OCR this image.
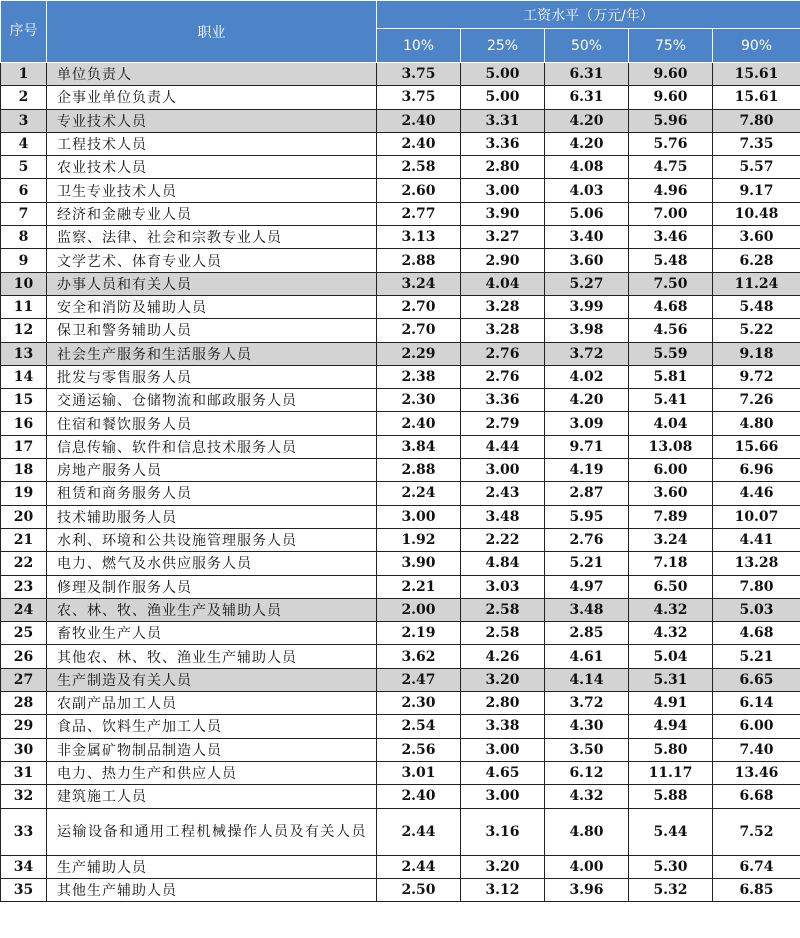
序号	职业	工资水平（万元/年）				
		10%	25%	50%	75%	90%
1	单位负责人	3.75	5.00	6.31	9.60	15.61
2	企事业单位负责人	3.75	5.00	6.31	9.60	15.61
3	专业技术人员	2.40	3.31	4.20	5.96	7.80
4	工程技术人员	2.40	3.36	4.20	5.76	7.35
5	农业技术人员	2.58	2.80	4.08	4.75	5.57
6	卫生专业技术人员	2.60	3.00	4.03	4.96	9.17
7	经济和金融专业人员	2.77	3.90	5.06	7.00	10.48
8	监察、法律、社会和宗教专业人员	3.13	3.27	3.40	3.46	3.60
9	文学艺术、体育专业人员	2.88	2.90	3.60	5.48	6.28
10	办事人员和有关人员	3.24	4.04	5.27	7.50	11.24
11	安全和消防及辅助人员	2.70	3.28	3.99	4.68	5.48
12	保卫和警务辅助人员	2.70	3.28	3.98	4.56	5.22
13	社会生产服务和生活服务人员	2.29	2.76	3.72	5.59	9.18
14	批发与零售服务人员	2.38	2.76	4.02	5.81	9.72
15	交通运输、仓储物流和邮政服务人员	2.30	3.36	4.20	5.41	7.26
16	住宿和餐饮服务人员	2.40	2.79	3.09	4.04	4.80
17	信息传输、软件和信息技术服务人员	3.84	4.44	9.71	13.08	15.66
18	房地产服务人员	2.88	3.00	4.19	6.00	6.96
19	租赁和商务服务人员	2.24	2.43	2.87	3.60	4.46
20	技术辅助服务人员	3.00	3.48	5.95	7.89	10.07
21	水利、环境和公共设施管理服务人员	1.92	2.22	2.76	3.24	4.41
22	电力、燃气及水供应服务人员	3.90	4.84	5.21	7.18	13.28
23	修理及制作服务人员	2.21	3.03	4.97	6.50	7.80
24	农、林、牧、渔业生产及辅助人员	2.00	2.58	3.48	4.32	5.03
25	畜牧业生产人员	2.19	2.58	2.85	4.32	4.68
26	其他农、林、牧、渔业生产辅助人员	3.62	4.26	4.61	5.04	5.21
27	生产制造及有关人员	2.47	3.20	4.14	5.31	6.65
28	农副产品加工人员	2.30	2.80	3.72	4.91	6.14
29	食品、饮料生产加工人员	2.54	3.38	4.30	4.94	6.00
30	非金属矿物制品制造人员	2.56	3.00	3.50	5.80	7.40
31	电力、热力生产和供应人员	3.01	4.65	6.12	11.17	13.46
32	建筑施工人员	2.40	3.00	4.32	5.88	6.68
33	运输设备和通用工程机械操作人员及有关人员	2.44	3.16	4.80	5.44	7.52
34	生产辅助人员	2.44	3.20	4.00	5.30	6.74
35	其他生产辅助人员	2.50	3.12	3.96	5.32	6.85
